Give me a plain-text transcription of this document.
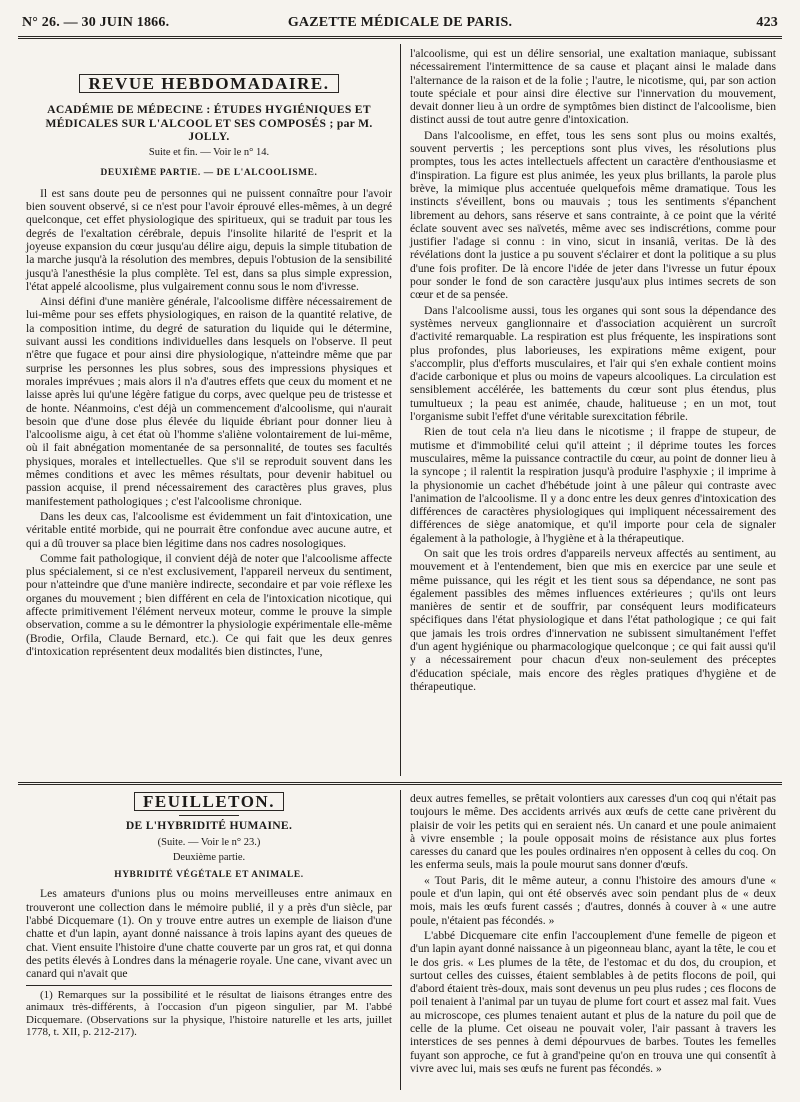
N° 26. — 30 JUIN 1866.	GAZETTE MÉDICALE DE PARIS.	423
REVUE HEBDOMADAIRE.
ACADÉMIE DE MÉDECINE : ÉTUDES HYGIÉNIQUES ET MÉDICALES SUR L'ALCOOL ET SES COMPOSÉS ; par M. JOLLY.
Suite et fin. — Voir le n° 14.
DEUXIÈME PARTIE. — DE L'ALCOOLISME.

Il est sans doute peu de personnes qui ne puissent connaître pour l'avoir bien souvent observé, si ce n'est pour l'avoir éprouvé elles-mêmes, à un degré quelconque, cet effet physiologique des spiritueux, qui se traduit par tous les degrés de l'exaltation cérébrale, depuis l'insolite hilarité de l'esprit et la joyeuse expansion du cœur jusqu'au délire aigu, depuis la simple titubation de la marche jusqu'à la résolution des membres, depuis l'obtusion de la sensibilité jusqu'à l'anesthésie la plus complète. Tel est, dans sa plus simple expression, l'état appelé alcoolisme, plus vulgairement connu sous le nom d'ivresse.

Ainsi défini d'une manière générale, l'alcoolisme diffère nécessairement de lui-même pour ses effets physiologiques, en raison de la quantité relative, de la composition intime, du degré de saturation du liquide qui le détermine, suivant aussi les conditions individuelles dans lesquels on l'observe. Il peut n'être que fugace et pour ainsi dire physiologique, n'atteindre même que par surprise les personnes les plus sobres, sous des impressions physiques et morales imprévues ; mais alors il n'a d'autres effets que ceux du moment et ne laisse après lui qu'une légère fatigue du corps, avec quelque peu de tristesse et de honte. Néanmoins, c'est déjà un commencement d'alcoolisme, qui n'aurait besoin que d'une dose plus élevée du liquide ébriant pour donner lieu à l'alcoolisme aigu, à cet état où l'homme s'aliène volontairement de lui-même, où il fait abnégation momentanée de sa personnalité, de toutes ses facultés physiques, morales et intellectuelles. Que s'il se reproduit souvent dans les mêmes conditions et avec les mêmes résultats, pour devenir habituel ou passion acquise, il prend nécessairement des caractères plus graves, plus manifestement pathologiques ; c'est l'alcoolisme chronique.

Dans les deux cas, l'alcoolisme est évidemment un fait d'intoxication, une véritable entité morbide, qui ne pourrait être confondue avec aucune autre, et qui a dû trouver sa place bien légitime dans nos cadres nosologiques.

Comme fait pathologique, il convient déjà de noter que l'alcoolisme affecte plus spécialement, si ce n'est exclusivement, l'appareil nerveux du sentiment, pour n'atteindre que d'une manière indirecte, secondaire et par voie réflexe les organes du mouvement ; bien différent en cela de l'intoxication nicotique, qui affecte primitivement l'élément nerveux moteur, comme le prouve la simple observation, comme a su le démontrer la physiologie expérimentale elle-même (Brodie, Orfila, Claude Bernard, etc.). Ce qui fait que les deux genres d'intoxication représentent deux modalités bien distinctes, l'une,

l'alcoolisme, qui est un délire sensorial, une exaltation maniaque, subissant nécessairement l'intermittence de sa cause et plaçant ainsi le malade dans l'alternance de la raison et de la folie ; l'autre, le nicotisme, qui, par son action toute spéciale et pour ainsi dire élective sur l'innervation du mouvement, devait donner lieu à un ordre de symptômes bien distinct de l'alcoolisme, bien distinct aussi de tout autre genre d'intoxication.

Dans l'alcoolisme, en effet, tous les sens sont plus ou moins exaltés, souvent pervertis ; les perceptions sont plus vives, les résolutions plus promptes, tous les actes intellectuels affectent un caractère d'enthousiasme et d'inspiration. La figure est plus animée, les yeux plus brillants, la parole plus brève, la mimique plus accentuée quelquefois même dramatique. Tous les instincts s'éveillent, bons ou mauvais ; tous les sentiments s'épanchent librement au dehors, sans réserve et sans contrainte, à ce point que la vérité éclate souvent avec ses naïvetés, même avec ses indiscrétions, comme pour justifier l'adage si connu : in vino, sicut in insaniâ, veritas. De là des révélations dont la justice a pu souvent s'éclairer et dont la politique a su plus d'une fois profiter. De là encore l'idée de jeter dans l'ivresse un futur époux pour sonder le fond de son caractère jusqu'aux plus intimes secrets de son cœur et de sa pensée.

Dans l'alcoolisme aussi, tous les organes qui sont sous la dépendance des systèmes nerveux ganglionnaire et d'association acquièrent un surcroît d'activité remarquable. La respiration est plus fréquente, les inspirations sont plus profondes, plus laborieuses, les expirations même exigent, pour s'accomplir, plus d'efforts musculaires, et l'air qui s'en exhale contient moins d'acide carbonique et plus ou moins de vapeurs alcooliques. La circulation est sensiblement accélérée, les battements du cœur sont plus étendus, plus tumultueux ; la peau est animée, chaude, halitueuse ; en un mot, tout l'organisme subit l'effet d'une véritable surexcitation fébrile.

Rien de tout cela n'a lieu dans le nicotisme ; il frappe de stupeur, de mutisme et d'immobilité celui qu'il atteint ; il déprime toutes les forces musculaires, même la puissance contractile du cœur, au point de donner lieu à la syncope ; il ralentit la respiration jusqu'à produire l'asphyxie ; il imprime à la physionomie un cachet d'hébétude joint à une pâleur qui contraste avec l'animation de l'alcoolisme. Il y a donc entre les deux genres d'intoxication des différences de caractères physiologiques qui impliquent nécessairement des différences de siège anatomique, et qu'il importe pour cela de signaler également à la pathologie, à l'hygiène et à la thérapeutique.

On sait que les trois ordres d'appareils nerveux affectés au sentiment, au mouvement et à l'entendement, bien que mis en exercice par une seule et même puissance, qui les régit et les tient sous sa dépendance, ne sont pas également passibles des mêmes influences extérieures ; qu'ils ont leurs manières de sentir et de souffrir, par conséquent leurs modificateurs spécifiques dans l'état physiologique et dans l'état pathologique ; ce qui fait que jamais les trois ordres d'innervation ne subissent simultanément l'effet d'un agent hygiénique ou pharmacologique quelconque ; ce qui fait aussi qu'il y a nécessairement pour chacun d'eux non-seulement des préceptes d'éducation spéciale, mais encore des règles pratiques d'hygiène et de thérapeutique.

FEUILLETON.
DE L'HYBRIDITÉ HUMAINE.
(Suite. — Voir le n° 23.)
Deuxième partie.
HYBRIDITÉ VÉGÉTALE ET ANIMALE.

Les amateurs d'unions plus ou moins merveilleuses entre animaux en trouveront une collection dans le mémoire publié, il y a près d'un siècle, par l'abbé Dicquemare (1). On y trouve entre autres un exemple de liaison d'une chatte et d'un lapin, ayant donné naissance à trois lapins ayant des queues de chat. Vient ensuite l'histoire d'une chatte couverte par un gros rat, et qui donna des petits élevés à Londres dans la ménagerie royale. Une cane, vivant avec un canard qui n'avait que

(1) Remarques sur la possibilité et le résultat de liaisons étranges entre des animaux très-différents, à l'occasion d'un pigeon singulier, par M. l'abbé Dicquemare. (Observations sur la physique, l'histoire naturelle et les arts, juillet 1778, t. XII, p. 212-217).

deux autres femelles, se prêtait volontiers aux caresses d'un coq qui n'était pas toujours le même. Des accidents arrivés aux œufs de cette cane privèrent du plaisir de voir les petits qui en seraient nés. Un canard et une poule animaient à vivre ensemble ; la poule opposait moins de résistance aux plus fortes caresses du canard que les poules ordinaires n'en opposent à celles du coq. On les enferma seuls, mais la poule mourut sans donner d'œufs.

« Tout Paris, dit le même auteur, a connu l'histoire des amours d'une « poule et d'un lapin, qui ont été observés avec soin pendant plus de « deux mois, mais les œufs furent cassés ; d'autres, donnés à couver à « une autre poule, n'étaient pas fécondés. »

L'abbé Dicquemare cite enfin l'accouplement d'une femelle de pigeon et d'un lapin ayant donné naissance à un pigeonneau blanc, ayant la tête, le cou et le dos gris. « Les plumes de la tête, de l'estomac et du dos, du croupion, et surtout celles des cuisses, étaient semblables à de petits flocons de poil, qui d'abord étaient très-doux, mais sont devenus un peu plus rudes ; ces flocons de poil tenaient à l'animal par un tuyau de plume fort court et assez mal fait. Vues au microscope, ces plumes tenaient autant et plus de la nature du poil que de celle de la plume. Cet oiseau ne pouvait voler, l'air passant à travers les interstices de ses pennes à demi dépourvues de barbes. Toutes les femelles fuyant son approche, ce fut à grand'peine qu'on en trouva une qui consentît à vivre avec lui, mais ses œufs ne furent pas fécondés. »
